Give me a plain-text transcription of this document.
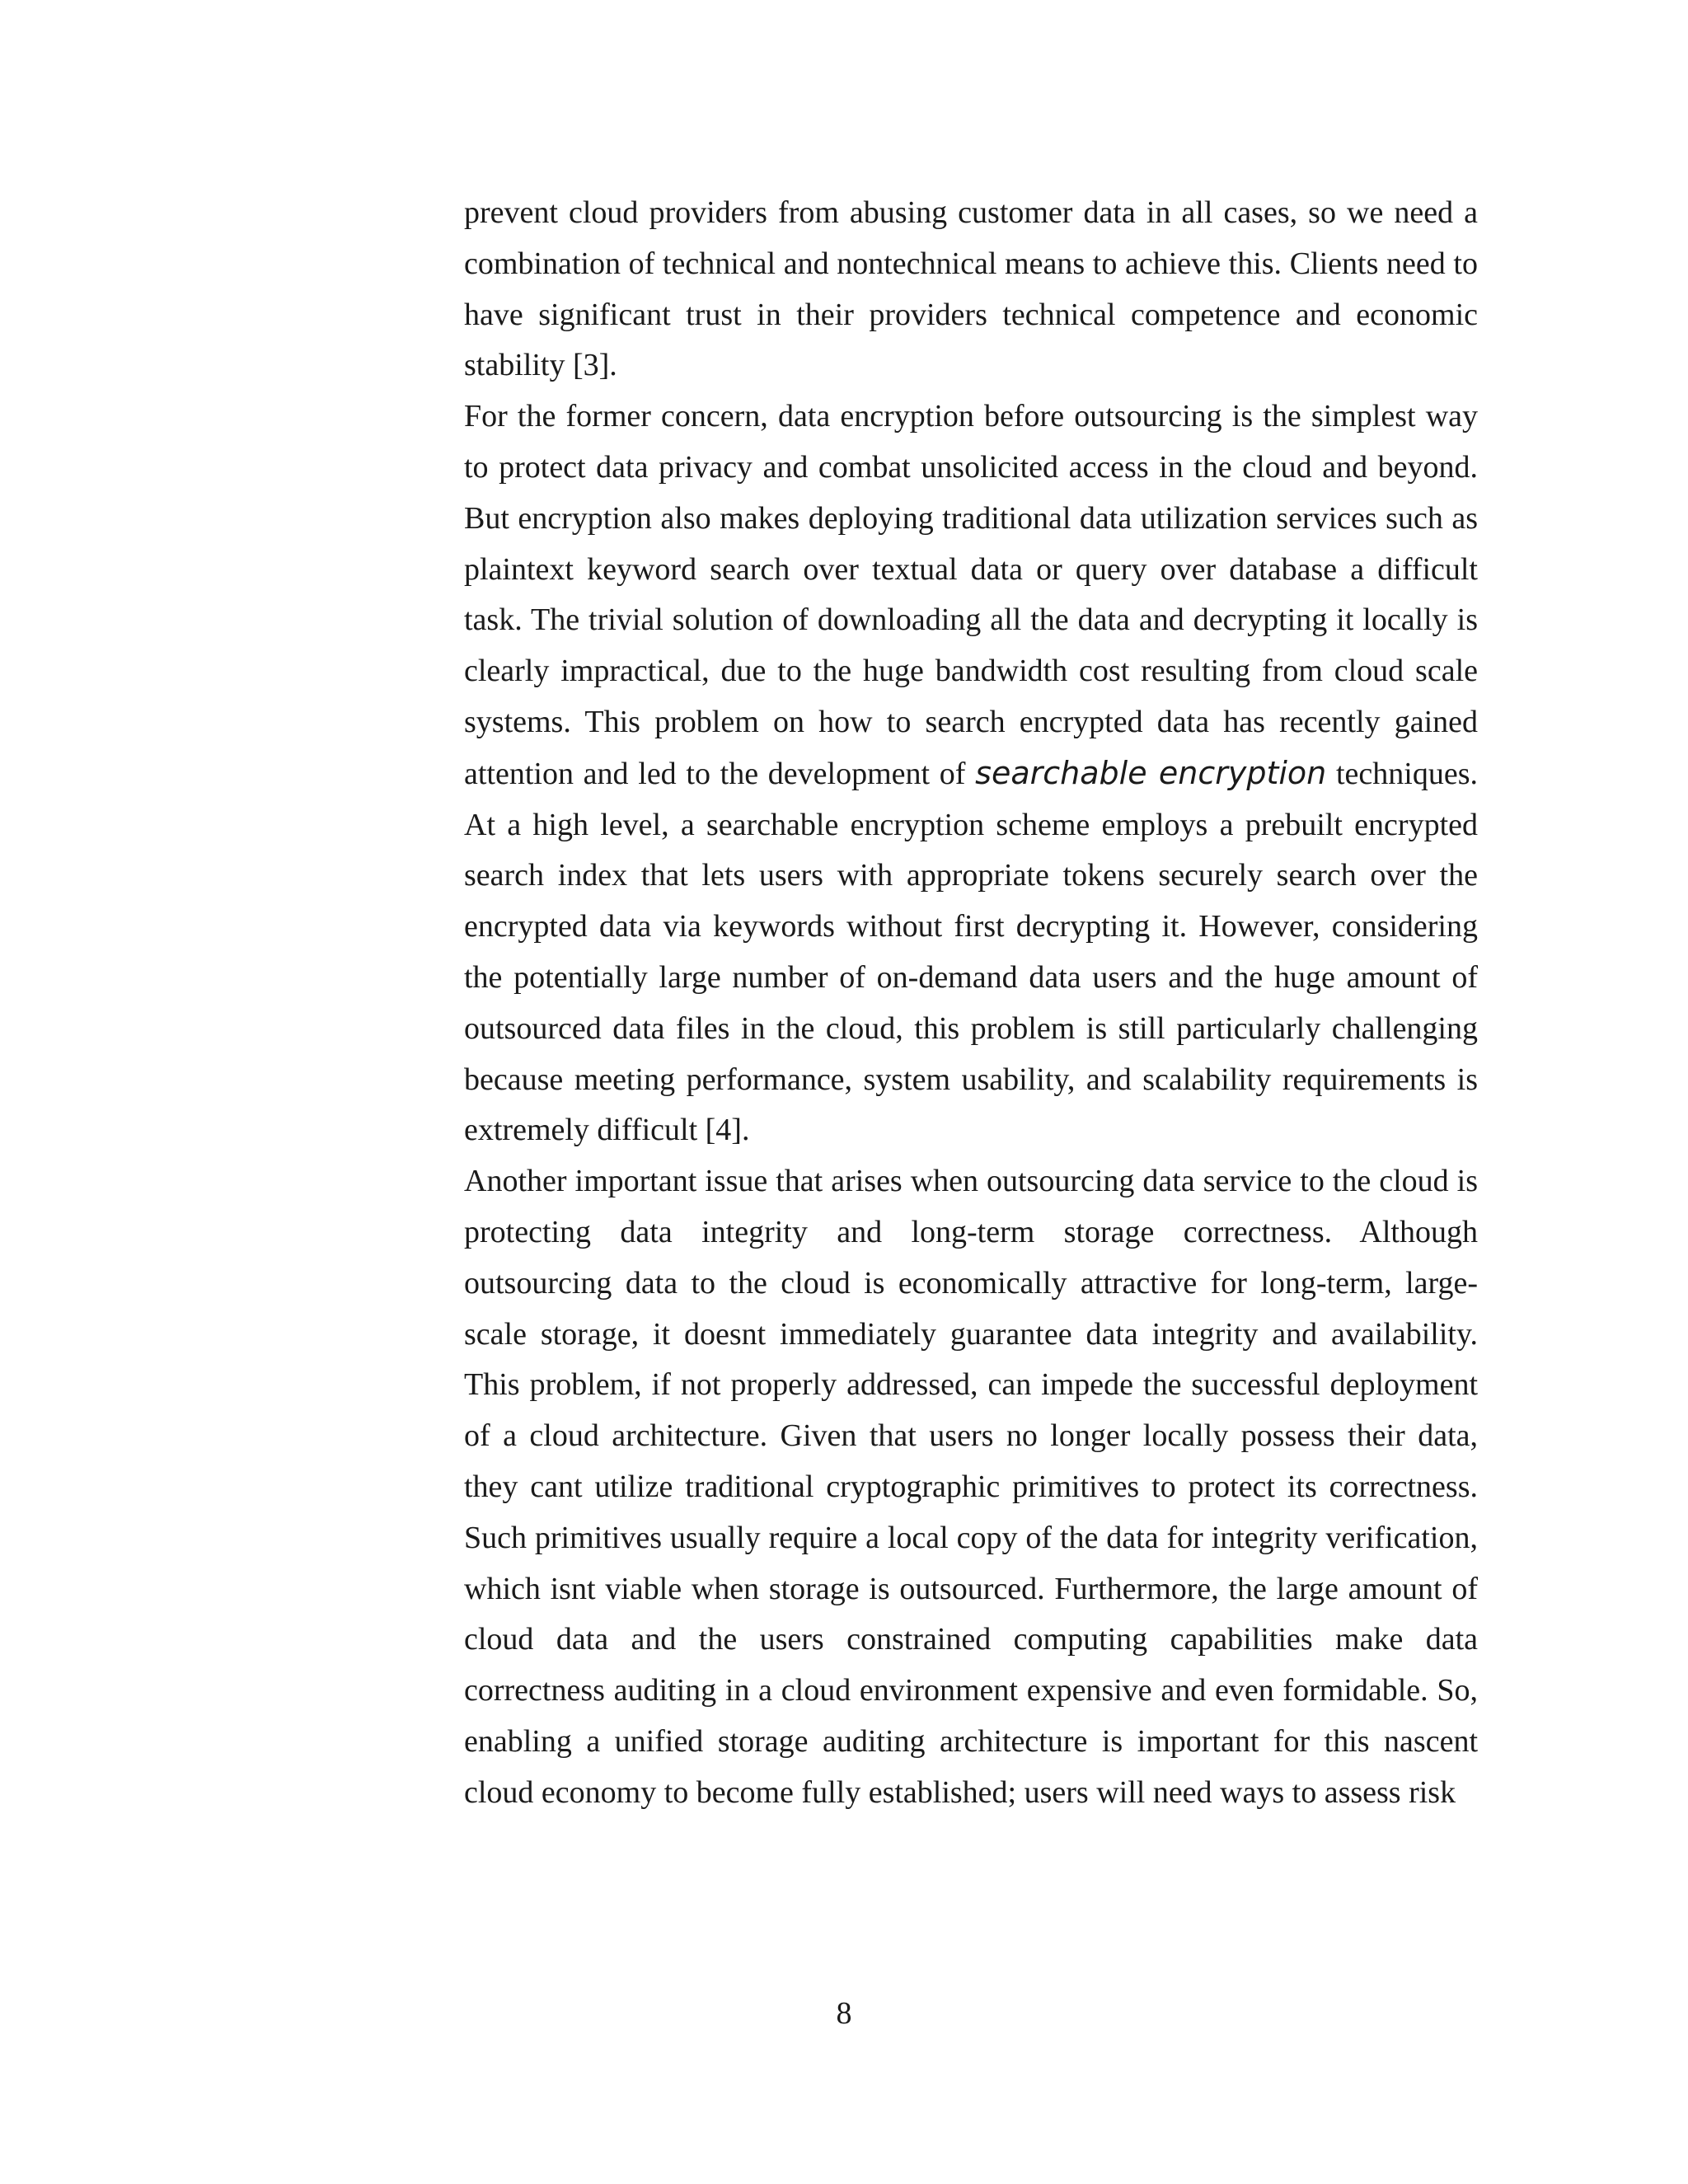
prevent cloud providers from abusing customer data in all cases, so we need a combination of technical and nontechnical means to achieve this. Clients need to have significant trust in their providers technical competence and economic stability [3].

For the former concern, data encryption before outsourcing is the simplest way to protect data privacy and combat unsolicited access in the cloud and beyond. But encryption also makes deploying traditional data utilization services such as plaintext keyword search over textual data or query over database a difficult task. The trivial solution of downloading all the data and decrypting it locally is clearly impractical, due to the huge bandwidth cost resulting from cloud scale systems. This problem on how to search encrypted data has recently gained attention and led to the development of searchable encryption techniques. At a high level, a searchable encryption scheme employs a prebuilt encrypted search index that lets users with appropriate tokens securely search over the encrypted data via keywords without first decrypting it. However, considering the potentially large number of on-demand data users and the huge amount of outsourced data files in the cloud, this problem is still particularly challenging because meeting performance, system usability, and scalability requirements is extremely difficult [4].

Another important issue that arises when outsourcing data service to the cloud is protecting data integrity and long-term storage correctness. Although outsourcing data to the cloud is economically attractive for long-term, large-scale storage, it doesnt immediately guarantee data integrity and availability. This problem, if not properly addressed, can impede the successful deployment of a cloud architecture. Given that users no longer locally possess their data, they cant utilize traditional cryptographic primitives to protect its correctness. Such primitives usually require a local copy of the data for integrity verification, which isnt viable when storage is outsourced. Furthermore, the large amount of cloud data and the users constrained computing capabilities make data correctness auditing in a cloud environment expensive and even formidable. So, enabling a unified storage auditing architecture is important for this nascent cloud economy to become fully established; users will need ways to assess risk

8
